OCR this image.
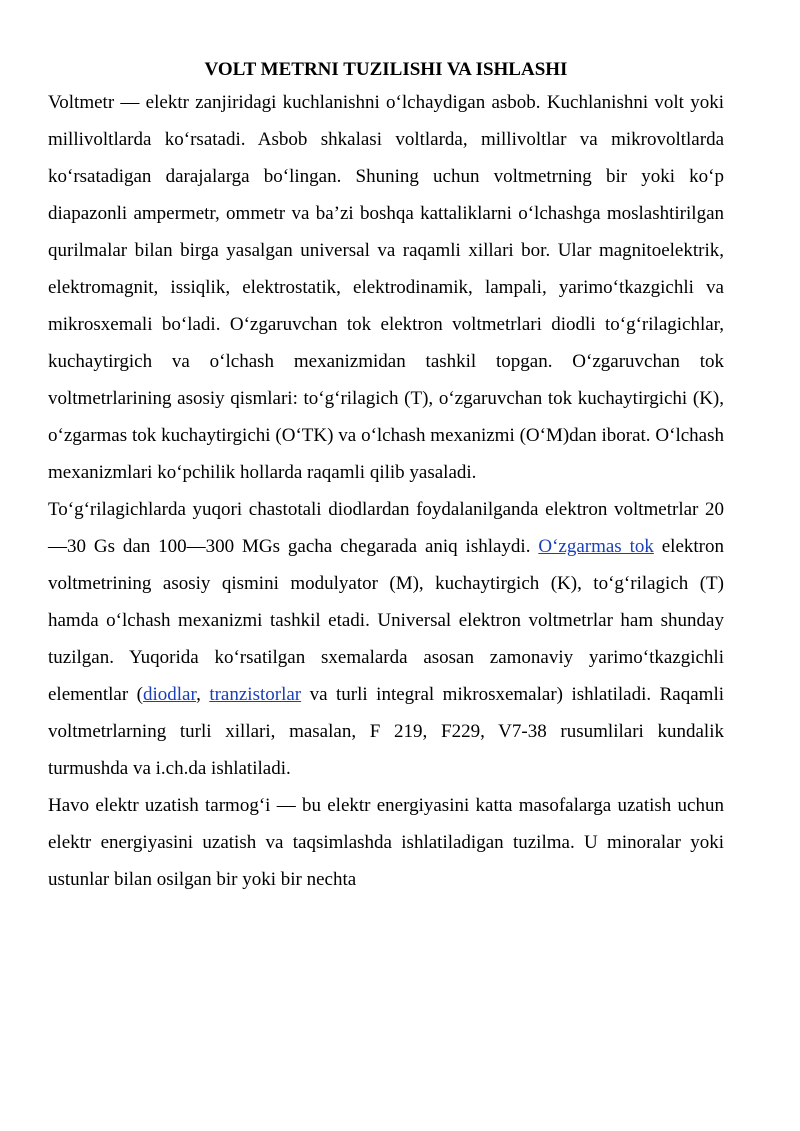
VOLT METRNI TUZILISHI VA ISHLASHI

Voltmetr — elektr zanjiridagi kuchlanishni o‘lchaydigan asbob. Kuchlanishni volt yoki millivoltlarda ko‘rsatadi. Asbob shkalasi voltlarda, millivoltlar va mikrovoltlarda ko‘rsatadigan darajalarga bo‘lingan. Shuning uchun voltmetrning bir yoki ko‘p diapazonli ampermetr, ommetr va ba’zi boshqa kattaliklarni o‘lchashga moslashtirilgan qurilmalar bilan birga yasalgan universal va raqamli xillari bor. Ular magnitoelektrik, elektromagnit, issiqlik, elektrostatik, elektrodinamik, lampali, yarimo‘tkazgichli va mikrosxemali bo‘ladi. O‘zgaruvchan tok elektron voltmetrlari diodli to‘g‘rilagichlar, kuchaytirgich va o‘lchash mexanizmidan tashkil topgan. O‘zgaruvchan tok voltmetrlarining asosiy qismlari: to‘g‘rilagich (T), o‘zgaruvchan tok kuchaytirgichi (K), o‘zgarmas tok kuchaytirgichi (O‘TK) va o‘lchash mexanizmi (O‘M)dan iborat. O‘lchash mexanizmlari ko‘pchilik hollarda raqamli qilib yasaladi.

To‘g‘rilagichlarda yuqori chastotali diodlardan foydalanilganda elektron voltmetrlar 20—30 Gs dan 100—300 MGs gacha chegarada aniq ishlaydi. O‘zgarmas tok elektron voltmetrining asosiy qismini modulyator (M), kuchaytirgich (K), to‘g‘rilagich (T) hamda o‘lchash mexanizmi tashkil etadi. Universal elektron voltmetrlar ham shunday tuzilgan. Yuqorida ko‘rsatilgan sxemalarda asosan zamonaviy yarimo‘tkazgichli elementlar (diodlar, tranzistorlar va turli integral mikrosxemalar) ishlatiladi. Raqamli voltmetrlarning turli xillari, masalan, F 219, F229, V7-38 rusumlilari kundalik turmushda va i.ch.da ishlatiladi.

Havo elektr uzatish tarmog‘i — bu elektr energiyasini katta masofalarga uzatish uchun elektr energiyasini uzatish va taqsimlashda ishlatiladigan tuzilma. U minoralar yoki ustunlar bilan osilgan bir yoki bir nechta
